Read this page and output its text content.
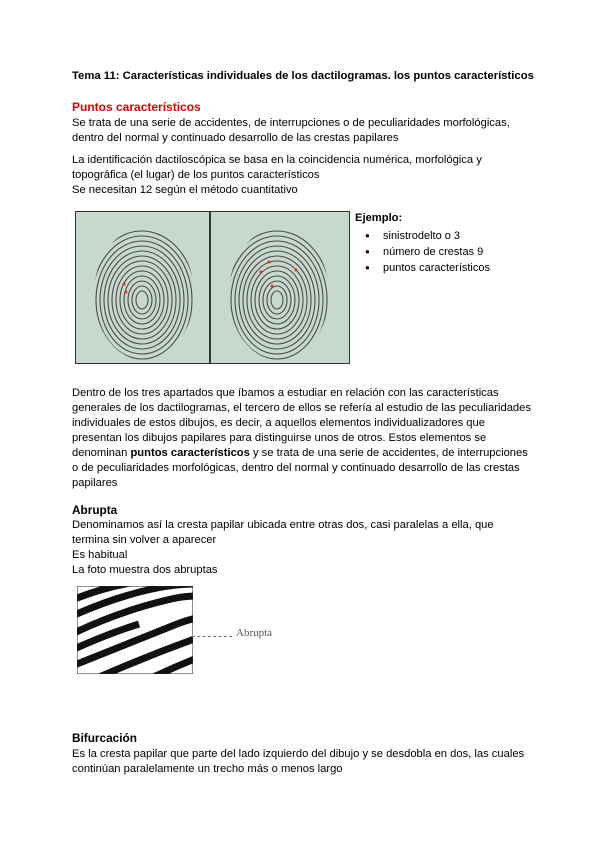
Tema 11: Características individuales de los dactilogramas. los puntos característicos
Puntos característicos
Se trata de una serie de accidentes, de interrupciones o de peculiaridades morfológicas,
dentro del normal y continuado desarrollo de las crestas papilares
La identificación dactiloscópica se basa en la coincidencia numérica, morfológica y
topográfica (el lugar) de los puntos característicos
Se necesitan 12 según el método cuantitativo
Ejemplo:
● sinistrodelto o 3
● número de crestas 9
● puntos característicos
Dentro de los tres apartados que íbamos a estudiar en relación con las características
generales de los dactilogramas, el tercero de ellos se refería al estudio de las peculiaridades
individuales de estos dibujos, es decir, a aquellos elementos individualizadores que
presentan los dibujos papilares para distinguirse unos de otros. Estos elementos se
denominan puntos característicos y se trata de una serie de accidentes, de interrupciones
o de peculiaridades morfológicas, dentro del normal y continuado desarrollo de las crestas
papilares
Abrupta
Denominamos así la cresta papilar ubicada entre otras dos, casi paralelas a ella, que
termina sin volver a aparecer
Es habitual
La foto muestra dos abruptas
Abrupta
Bifurcación
Es la cresta papilar que parte del lado izquierdo del dibujo y se desdobla en dos, las cuales
continúan paralelamente un trecho más o menos largo
